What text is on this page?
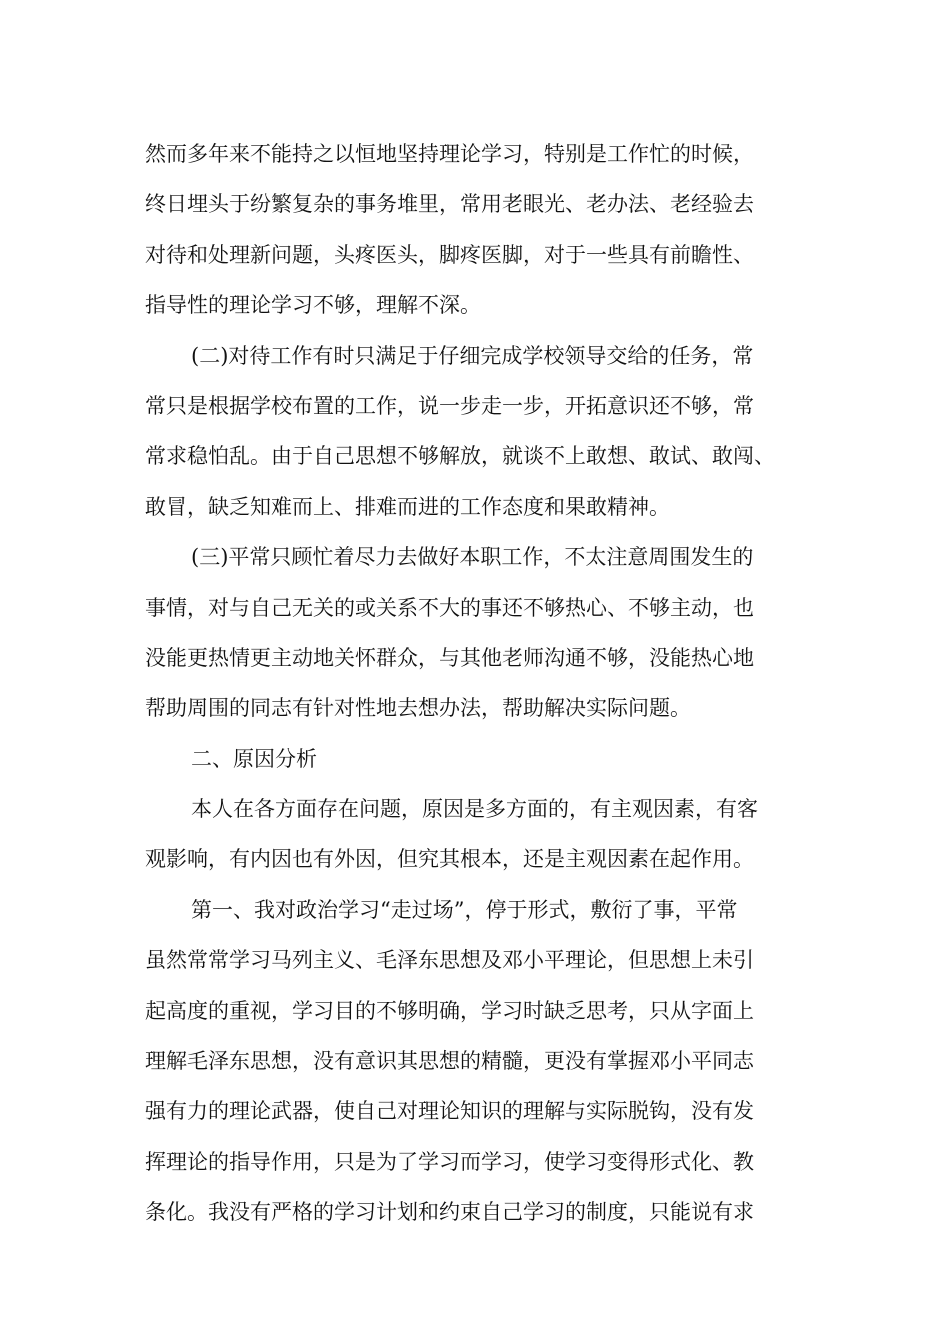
然而多年来不能持之以恒地坚持理论学习，特别是工作忙的时候，
终日埋头于纷繁复杂的事务堆里，常用老眼光、老办法、老经验去
对待和处理新问题，头疼医头，脚疼医脚，对于一些具有前瞻性、
指导性的理论学习不够，理解不深。
(二)对待工作有时只满足于仔细完成学校领导交给的任务，常
常只是根据学校布置的工作，说一步走一步，开拓意识还不够，常
常求稳怕乱。由于自己思想不够解放，就谈不上敢想、敢试、敢闯、
敢冒，缺乏知难而上、排难而进的工作态度和果敢精神。
(三)平常只顾忙着尽力去做好本职工作，不太注意周围发生的
事情，对与自己无关的或关系不大的事还不够热心、不够主动，也
没能更热情更主动地关怀群众，与其他老师沟通不够，没能热心地
帮助周围的同志有针对性地去想办法，帮助解决实际问题。
二、原因分析
本人在各方面存在问题，原因是多方面的，有主观因素，有客
观影响，有内因也有外因，但究其根本，还是主观因素在起作用。
第一、我对政治学习“走过场”，停于形式，敷衍了事，平常
虽然常常学习马列主义、毛泽东思想及邓小平理论，但思想上未引
起高度的重视，学习目的不够明确，学习时缺乏思考，只从字面上
理解毛泽东思想，没有意识其思想的精髓，更没有掌握邓小平同志
强有力的理论武器，使自己对理论知识的理解与实际脱钩，没有发
挥理论的指导作用，只是为了学习而学习，使学习变得形式化、教
条化。我没有严格的学习计划和约束自己学习的制度，只能说有求
